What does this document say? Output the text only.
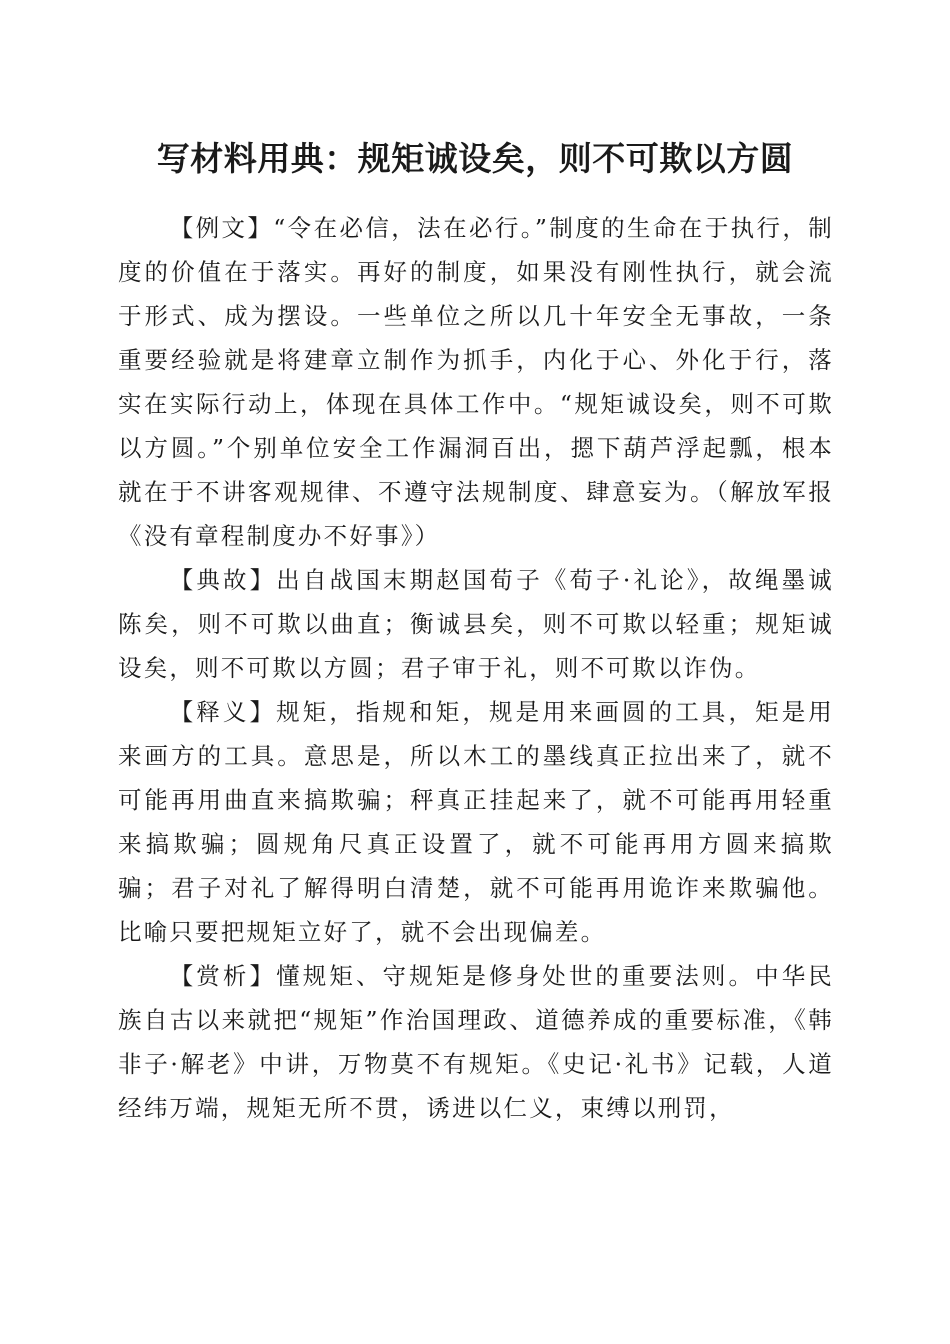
写材料用典：规矩诚设矣，则不可欺以方圆

【例文】“令在必信，法在必行。”制度的生命在于执行，制度的价值在于落实。再好的制度，如果没有刚性执行，就会流于形式、成为摆设。一些单位之所以几十年安全无事故，一条重要经验就是将建章立制作为抓手，内化于心、外化于行，落实在实际行动上，体现在具体工作中。“规矩诚设矣，则不可欺以方圆。”个别单位安全工作漏洞百出，摁下葫芦浮起瓢，根本就在于不讲客观规律、不遵守法规制度、肆意妄为。（解放军报《没有章程制度办不好事》）

【典故】出自战国末期赵国荀子《荀子·礼论》，故绳墨诚陈矣，则不可欺以曲直；衡诚县矣，则不可欺以轻重；规矩诚设矣，则不可欺以方圆；君子审于礼，则不可欺以诈伪。

【释义】规矩，指规和矩，规是用来画圆的工具，矩是用来画方的工具。意思是，所以木工的墨线真正拉出来了，就不可能再用曲直来搞欺骗；秤真正挂起来了，就不可能再用轻重来搞欺骗；圆规角尺真正设置了，就不可能再用方圆来搞欺骗；君子对礼了解得明白清楚，就不可能再用诡诈来欺骗他。比喻只要把规矩立好了，就不会出现偏差。

【赏析】懂规矩、守规矩是修身处世的重要法则。中华民族自古以来就把“规矩”作治国理政、道德养成的重要标准，《韩非子·解老》中讲，万物莫不有规矩。《史记·礼书》记载，人道经纬万端，规矩无所不贯，诱进以仁义，束缚以刑罚，
